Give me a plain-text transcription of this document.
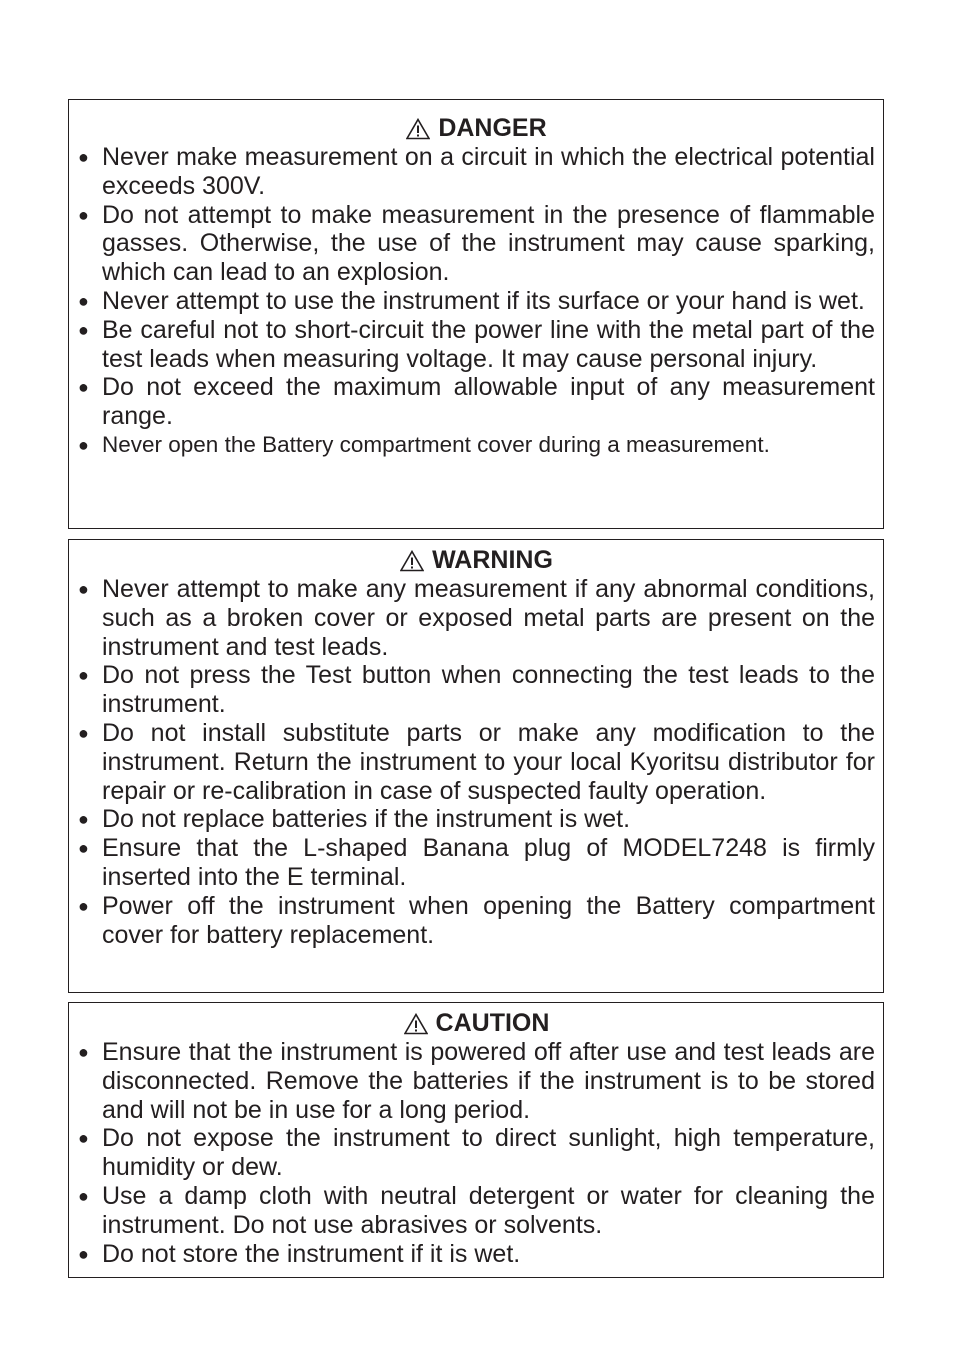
DANGER
● Never make measurement on a circuit in which the electrical potential exceeds 300V.
● Do not attempt to make measurement in the presence of flammable gasses. Otherwise, the use of the instrument may cause sparking, which can lead to an explosion.
● Never attempt to use the instrument if its surface or your hand is wet.
● Be careful not to short-circuit the power line with the metal part of the test leads when measuring voltage. It may cause personal injury.
● Do not exceed the maximum allowable input of any measurement range.
● Never open the Battery compartment cover during a measurement.
WARNING
● Never attempt to make any measurement if any abnormal conditions, such as a broken cover or exposed metal parts are present on the instrument and test leads.
● Do not press the Test button when connecting the test leads to the instrument.
● Do not install substitute parts or make any modification to the instrument. Return the instrument to your local Kyoritsu distributor for repair or re-calibration in case of suspected faulty operation.
● Do not replace batteries if the instrument is wet.
● Ensure that the L-shaped Banana plug of MODEL7248 is firmly inserted into the E terminal.
● Power off the instrument when opening the Battery compartment cover for battery replacement.
CAUTION
● Ensure that the instrument is powered off after use and test leads are disconnected. Remove the batteries if the instrument is to be stored and will not be in use for a long period.
● Do not expose the instrument to direct sunlight, high temperature, humidity or dew.
● Use a damp cloth with neutral detergent or water for cleaning the instrument. Do not use abrasives or solvents.
● Do not store the instrument if it is wet.
